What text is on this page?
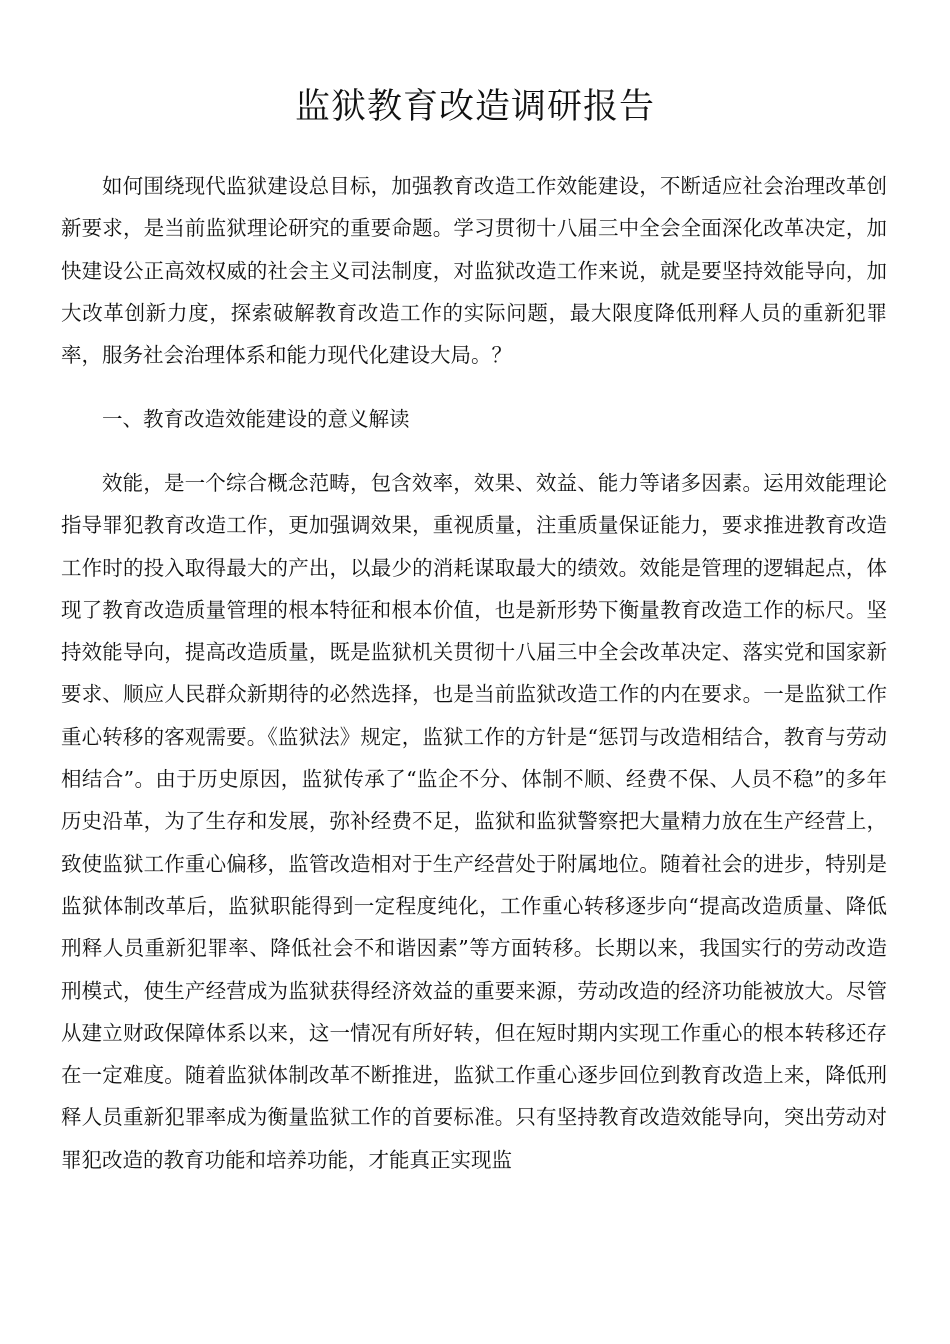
监狱教育改造调研报告

如何围绕现代监狱建设总目标，加强教育改造工作效能建设，不断适应社会治理改革创新要求，是当前监狱理论研究的重要命题。学习贯彻十八届三中全会全面深化改革决定，加快建设公正高效权威的社会主义司法制度，对监狱改造工作来说，就是要坚持效能导向，加大改革创新力度，探索破解教育改造工作的实际问题，最大限度降低刑释人员的重新犯罪率，服务社会治理体系和能力现代化建设大局。？

一、教育改造效能建设的意义解读

效能，是一个综合概念范畴，包含效率，效果、效益、能力等诸多因素。运用效能理论指导罪犯教育改造工作，更加强调效果，重视质量，注重质量保证能力，要求推进教育改造工作时的投入取得最大的产出，以最少的消耗谋取最大的绩效。效能是管理的逻辑起点，体现了教育改造质量管理的根本特征和根本价值，也是新形势下衡量教育改造工作的标尺。坚持效能导向，提高改造质量，既是监狱机关贯彻十八届三中全会改革决定、落实党和国家新要求、顺应人民群众新期待的必然选择，也是当前监狱改造工作的内在要求。一是监狱工作重心转移的客观需要。《监狱法》规定，监狱工作的方针是“惩罚与改造相结合，教育与劳动相结合”。由于历史原因，监狱传承了“监企不分、体制不顺、经费不保、人员不稳”的多年历史沿革，为了生存和发展，弥补经费不足，监狱和监狱警察把大量精力放在生产经营上，致使监狱工作重心偏移，监管改造相对于生产经营处于附属地位。随着社会的进步，特别是监狱体制改革后，监狱职能得到一定程度纯化，工作重心转移逐步向“提高改造质量、降低刑释人员重新犯罪率、降低社会不和谐因素”等方面转移。长期以来，我国实行的劳动改造刑模式，使生产经营成为监狱获得经济效益的重要来源，劳动改造的经济功能被放大。尽管从建立财政保障体系以来，这一情况有所好转，但在短时期内实现工作重心的根本转移还存在一定难度。随着监狱体制改革不断推进，监狱工作重心逐步回位到教育改造上来，降低刑释人员重新犯罪率成为衡量监狱工作的首要标准。只有坚持教育改造效能导向，突出劳动对罪犯改造的教育功能和培养功能，才能真正实现监
